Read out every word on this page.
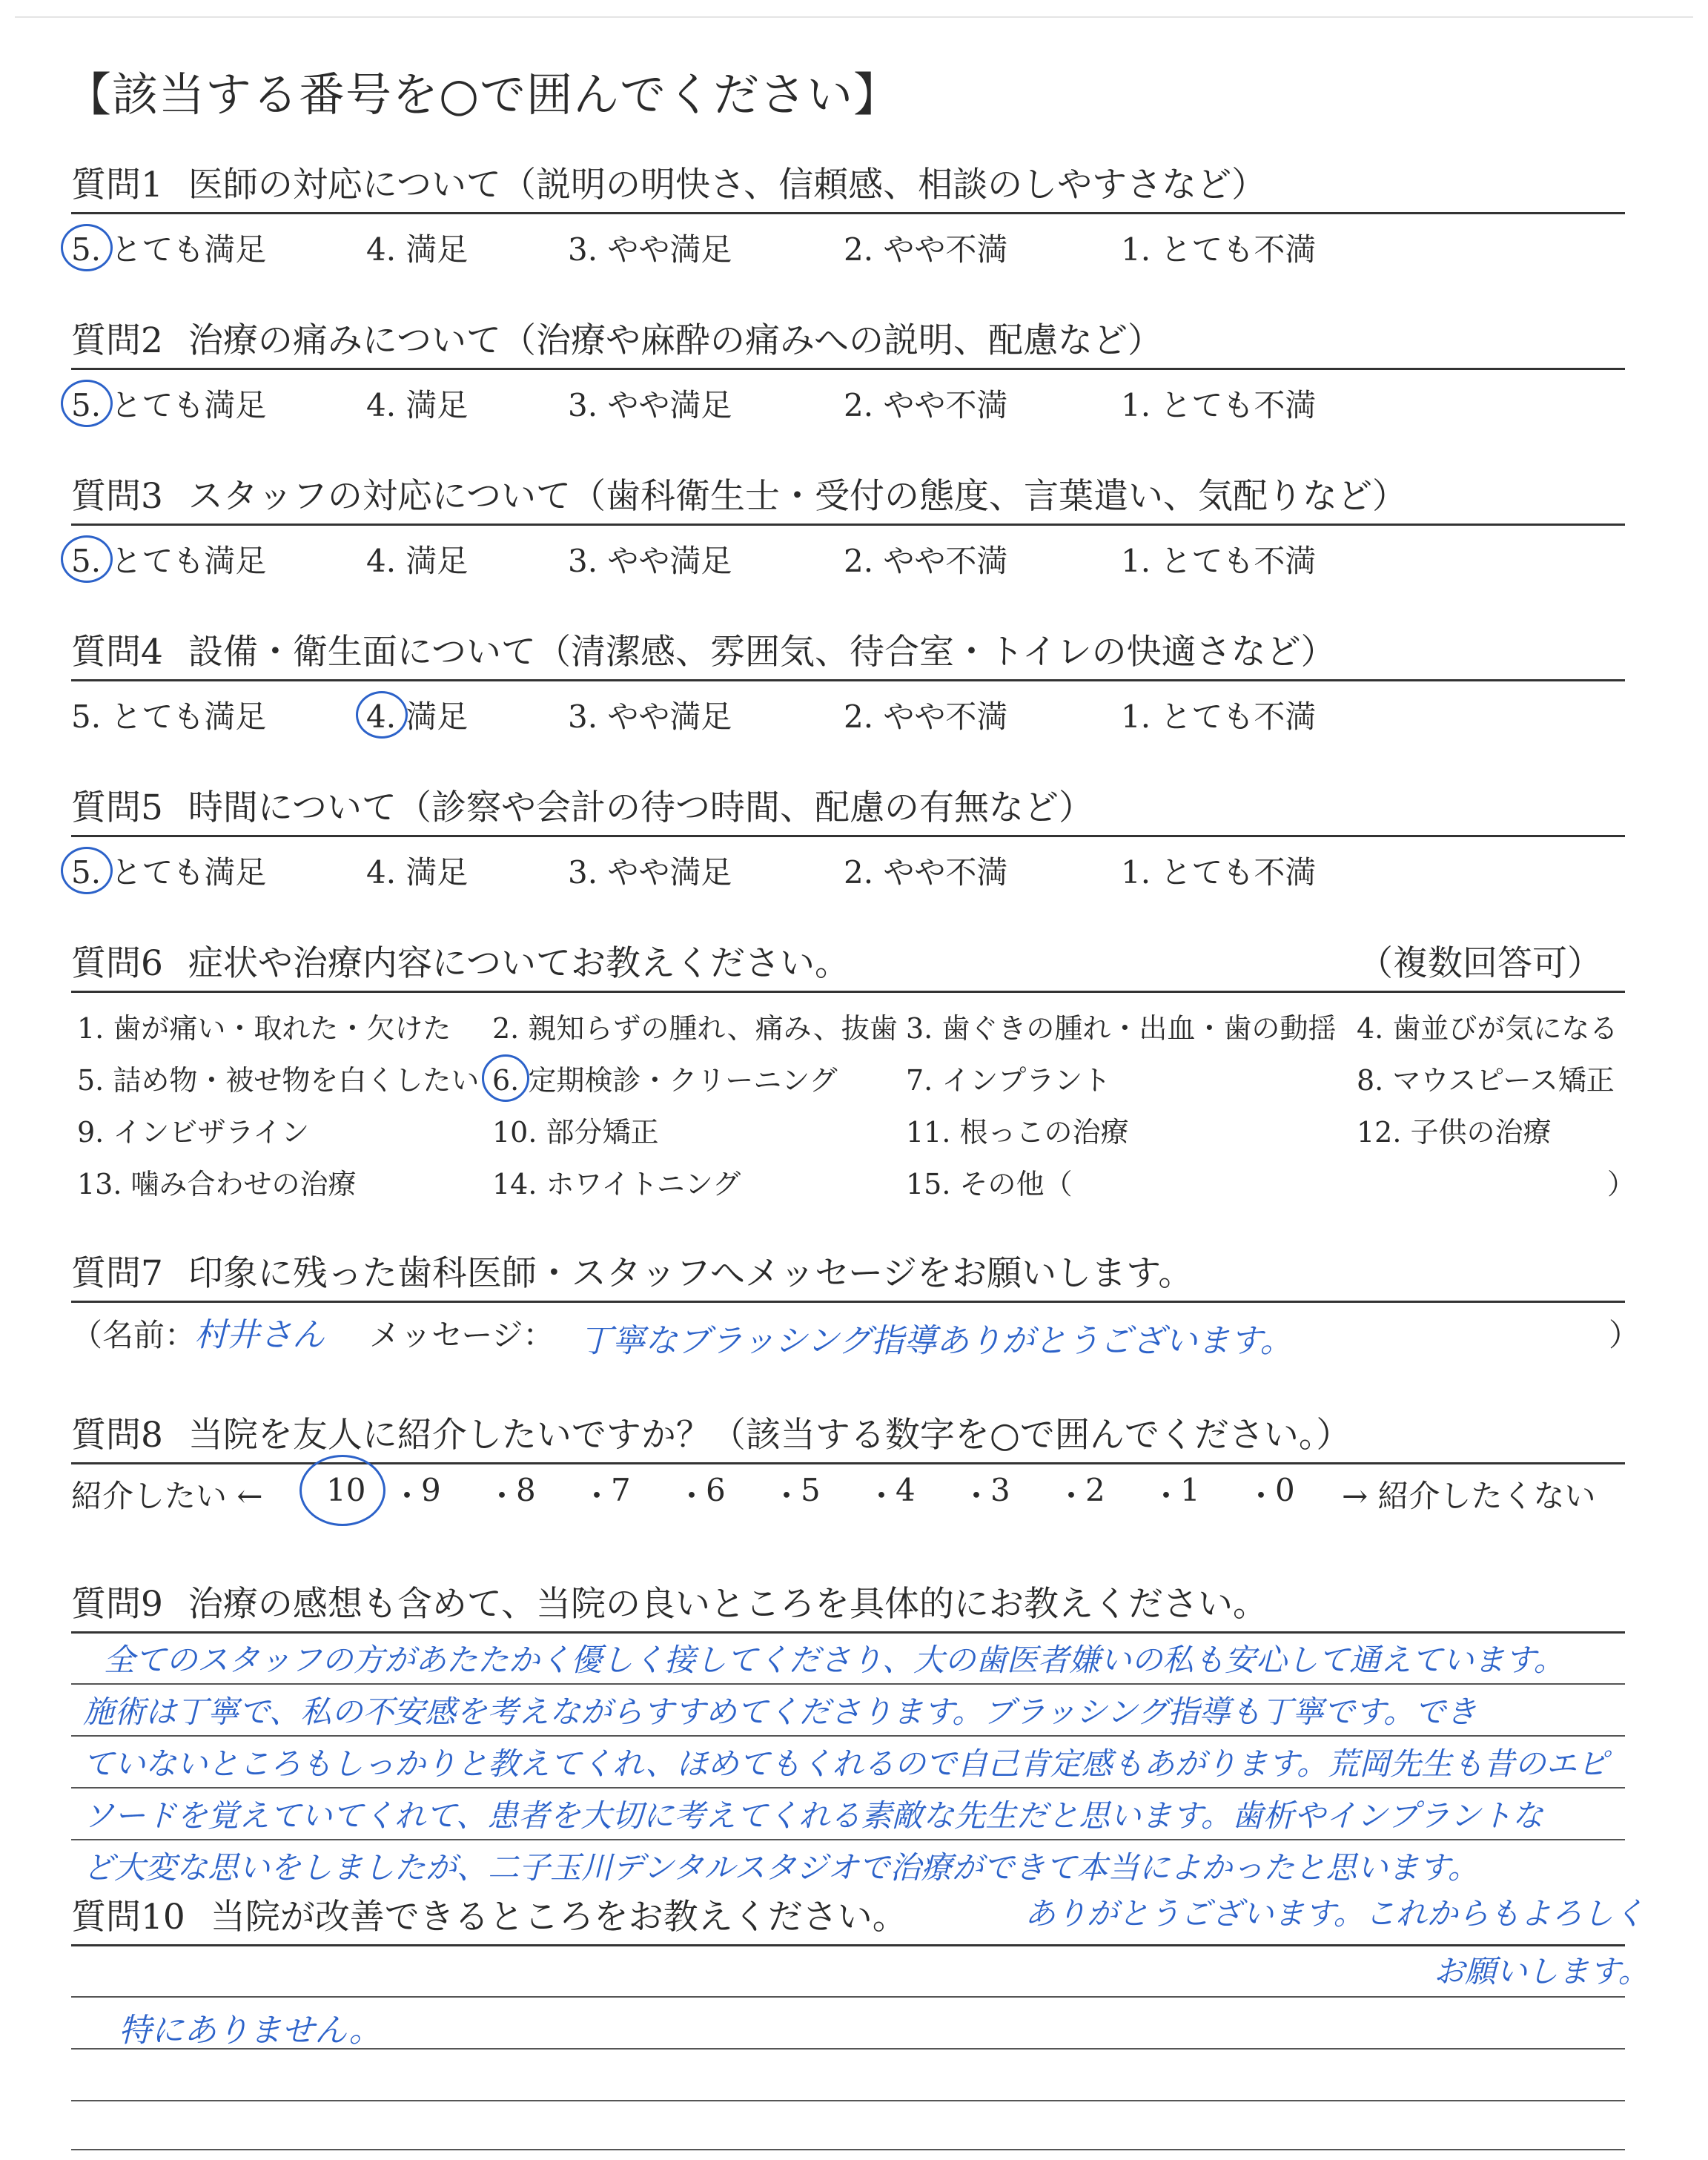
【該当する番号を○で囲んでください】
質問1 医師の対応について（説明の明快さ、信頼感、相談のしやすさなど）
5. とても満足	4. 満足	3. やや満足	2. やや不満	1. とても不満
質問2 治療の痛みについて（治療や麻酔の痛みへの説明、配慮など）
5. とても満足	4. 満足	3. やや満足	2. やや不満	1. とても不満
質問3 スタッフの対応について（歯科衛生士・受付の態度、言葉遣い、気配りなど）
5. とても満足	4. 満足	3. やや満足	2. やや不満	1. とても不満
質問4 設備・衛生面について（清潔感、雰囲気、待合室・トイレの快適さなど）
5. とても満足	4. 満足	3. やや満足	2. やや不満	1. とても不満
質問5 時間について（診察や会計の待つ時間、配慮の有無など）
5. とても満足	4. 満足	3. やや満足	2. やや不満	1. とても不満
質問6 症状や治療内容についてお教えください。	（複数回答可）
1. 歯が痛い・取れた・欠けた 2. 親知らずの腫れ、痛み、抜歯 3. 歯ぐきの腫れ・出血・歯の動揺 4. 歯並びが気になる
5. 詰め物・被せ物を白くしたい 6. 定期検診・クリーニング 7. インプラント	8. マウスピース矯正
9. インビザライン	10. 部分矯正	11. 根っこの治療	12. 子供の治療
13. 噛み合わせの治療	14. ホワイトニング	15. その他（	）
質問7 印象に残った歯科医師・スタッフへメッセージをお願いします。
（名前：
村井さん メッセージ： 丁寧なブラッシング指導ありがとうございます。	）
質問8 当院を友人に紹介したいですか？（該当する数字を○で囲んでください。）
紹介したい ← 10 ・
9 ・
8 ・
7 ・
6 ・
5 ・
4 ・
3 ・
2 ・
1 ・
0 → 紹介したくない
質問9 治療の感想も含めて、当院の良いところを具体的にお教えください。
全てのスタッフの方があたたかく優しく接してくださり、大の歯医者嫌いの私も安心して通えています。
施術は丁寧で、私の不安感を考えながらすすめてくださります。ブラッシング指導も丁寧です。でき
ていないところもしっかりと教えてくれ、ほめてもくれるので自己肯定感もあがります。荒岡先生も昔のエピ
ソードを覚えていてくれて、患者を大切に考えてくれる素敵な先生だと思います。歯析やインプラントな
ど大変な思いをしましたが、二子玉川デンタルスタジオで治療ができて本当によかったと思います。
ありがとうございます。これからもよろしく
お願いします。
質問10 当院が改善できるところをお教えください。
特にありません。
